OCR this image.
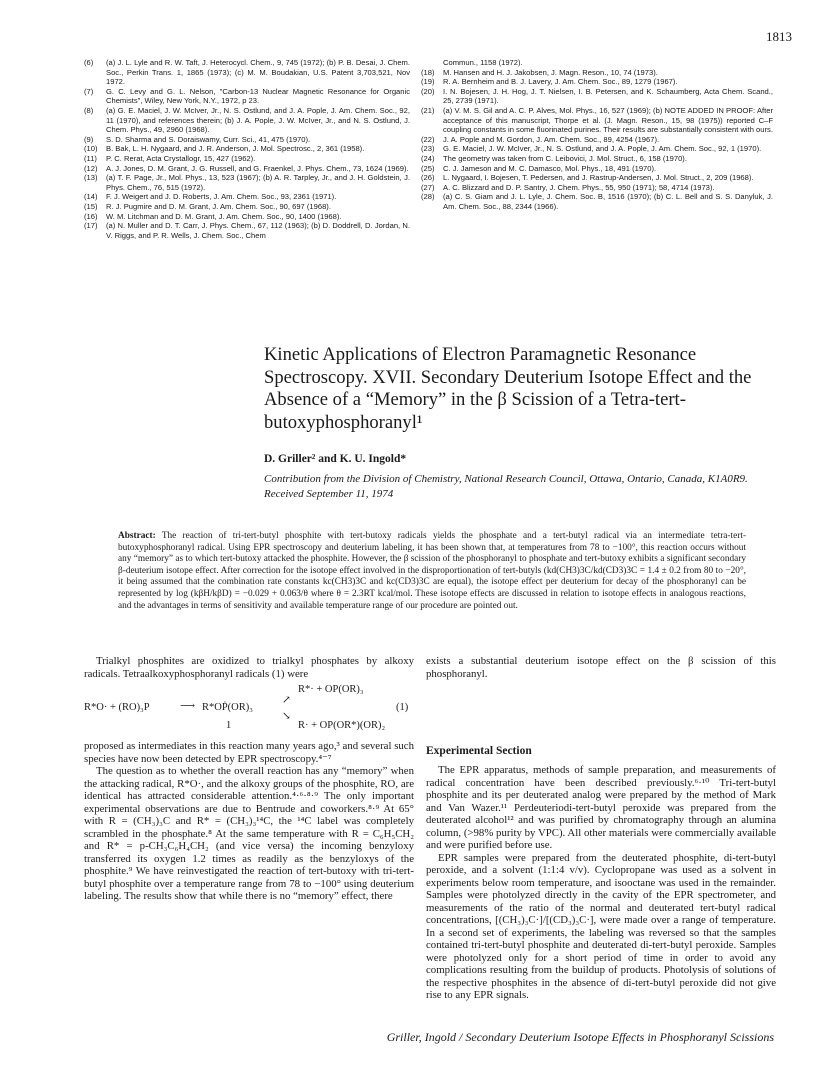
1813
(6)	(a) J. L. Lyle and R. W. Taft, J. Heterocycl. Chem., 9, 745 (1972); (b) P. B. Desai, J. Chem. Soc., Perkin Trans. 1, 1865 (1973); (c) M. M. Boudakian, U.S. Patent 3,703,521, Nov 1972.
(7)	G. C. Levy and G. L. Nelson, "Carbon-13 Nuclear Magnetic Resonance for Organic Chemists", Wiley, New York, N.Y., 1972, p 23.
(8)	(a) G. E. Maciel, J. W. McIver, Jr., N. S. Ostlund, and J. A. Pople, J. Am. Chem. Soc., 92, 11 (1970), and references therein; (b) J. A. Pople, J. W. McIver, Jr., and N. S. Ostlund, J. Chem. Phys., 49, 2960 (1968).
(9)	S. D. Sharma and S. Doraiswamy, Curr. Sci., 41, 475 (1970).
(10)	B. Bak, L. H. Nygaard, and J. R. Anderson, J. Mol. Spectrosc., 2, 361 (1958).
(11)	P. C. Rerat, Acta Crystallogr, 15, 427 (1962).
(12)	A. J. Jones, D. M. Grant, J. G. Russell, and G. Fraenkel, J. Phys. Chem., 73, 1624 (1969).
(13)	(a) T. F. Page, Jr., Mol. Phys., 13, 523 (1967); (b) A. R. Tarpley, Jr., and J. H. Goldstein, J. Phys. Chem., 76, 515 (1972).
(14)	F. J. Weigert and J. D. Roberts, J. Am. Chem. Soc., 93, 2361 (1971).
(15)	R. J. Pugmire and D. M. Grant, J. Am. Chem. Soc., 90, 697 (1968).
(16)	W. M. Litchman and D. M. Grant, J. Am. Chem. Soc., 90, 1400 (1968).
(17)	(a) N. Muller and D. T. Carr, J. Phys. Chem., 67, 112 (1963); (b) D. Doddrell, D. Jordan, N. V. Riggs, and P. R. Wells, J. Chem. Soc., Chem
Commun., 1158 (1972).
(18)	M. Hansen and H. J. Jakobsen, J. Magn. Reson., 10, 74 (1973).
(19)	R. A. Bernheim and B. J. Lavery, J. Am. Chem. Soc., 89, 1279 (1967).
(20)	I. N. Bojesen, J. H. Hog, J. T. Nielsen, I. B. Petersen, and K. Schaumberg, Acta Chem. Scand., 25, 2739 (1971).
(21)	(a) V. M. S. Gil and A. C. P. Alves, Mol. Phys., 16, 527 (1969); (b) NOTE ADDED IN PROOF: After acceptance of this manuscript, Thorpe et al. (J. Magn. Reson., 15, 98 (1975)) reported C–F coupling constants in some fluorinated purines. Their results are substantially consistent with ours.
(22)	J. A. Pople and M. Gordon, J. Am. Chem. Soc., 89, 4254 (1967).
(23)	G. E. Maciel, J. W. McIver, Jr., N. S. Ostlund, and J. A. Pople, J. Am. Chem. Soc., 92, 1 (1970).
(24)	The geometry was taken from C. Leibovici, J. Mol. Struct., 6, 158 (1970).
(25)	C. J. Jameson and M. C. Damasco, Mol. Phys., 18, 491 (1970).
(26)	L. Nygaard, I. Bojesen, T. Pedersen, and J. Rastrup-Andersen, J. Mol. Struct., 2, 209 (1968).
(27)	A. C. Blizzard and D. P. Santry, J. Chem. Phys., 55, 950 (1971); 58, 4714 (1973).
(28)	(a) C. S. Giam and J. L. Lyle, J. Chem. Soc. B, 1516 (1970); (b) C. L. Bell and S. S. Danyluk, J. Am. Chem. Soc., 88, 2344 (1966).
Kinetic Applications of Electron Paramagnetic Resonance Spectroscopy. XVII. Secondary Deuterium Isotope Effect and the Absence of a “Memory” in the β Scission of a Tetra-tert-butoxyphosphoranyl¹
D. Griller² and K. U. Ingold*
Contribution from the Division of Chemistry, National Research Council, Ottawa, Ontario, Canada, K1A0R9. Received September 11, 1974
Abstract: The reaction of tri-tert-butyl phosphite with tert-butoxy radicals yields the phosphate and a tert-butyl radical via an intermediate tetra-tert-butoxyphosphoranyl radical. Using EPR spectroscopy and deuterium labeling, it has been shown that, at temperatures from 78 to −100°, this reaction occurs without any “memory” as to which tert-butoxy attacked the phosphite. However, the β scission of the phosphoranyl to phosphate and tert-butoxy exhibits a significant secondary β-deuterium isotope effect. After correction for the isotope effect involved in the disproportionation of tert-butyls (kd(CH3)3C/kd(CD3)3C = 1.4 ± 0.2 from 80 to −20°, it being assumed that the combination rate constants kc(CH3)3C and kc(CD3)3C are equal), the isotope effect per deuterium for decay of the phosphoranyl can be represented by log (kβH/kβD) = −0.029 + 0.063/θ where θ = 2.3RT kcal/mol. These isotope effects are discussed in relation to isotope effects in analogous reactions, and the advantages in terms of sensitivity and available temperature range of our procedure are pointed out.

Trialkyl phosphites are oxidized to trialkyl phosphates by alkoxy radicals. Tetraalkoxyphosphoranyl radicals (1) were

R*O· + (RO)₃P	⟶ R*OṖ(OR)₃
1
↗
↘
R*· + OP(OR)₃
R· + OP(OR*)(OR)₂
(1)

proposed as intermediates in this reaction many years ago,³ and several such species have now been detected by EPR spectroscopy.⁴⁻⁷

The question as to whether the overall reaction has any “memory” when the attacking radical, R*O·, and the alkoxy groups of the phosphite, RO, are identical has attracted considerable attention.⁴·⁶·⁸·⁹ The only important experimental observations are due to Bentrude and coworkers.⁸·⁹ At 65° with R = (CH₃)₃C and R* = (CH₃)₃¹⁴C, the ¹⁴C label was completely scrambled in the phosphate.⁸ At the same temperature with R = C₆H₅CH₂ and R* = p-CH₃C₆H₄CH₂ (and vice versa) the incoming benzyloxy transferred its oxygen 1.2 times as readily as the benzyloxys of the phosphite.⁹ We have reinvestigated the reaction of tert-butoxy with tri-tert-butyl phosphite over a temperature range from 78 to −100° using deuterium labeling. The results show that while there is no “memory” effect, there

exists a substantial deuterium isotope effect on the β scission of this phosphoranyl.

Experimental Section

The EPR apparatus, methods of sample preparation, and measurements of radical concentration have been described previously.⁶·¹⁰ Tri-tert-butyl phosphite and its per deuterated analog were prepared by the method of Mark and Van Wazer.¹¹ Perdeuteriodi-tert-butyl peroxide was prepared from the deuterated alcohol¹² and was purified by chromatography through an alumina column, (>98% purity by VPC). All other materials were commercially available and were purified before use.

EPR samples were prepared from the deuterated phosphite, di-tert-butyl peroxide, and a solvent (1:1:4 v/v). Cyclopropane was used as a solvent in experiments below room temperature, and isooctane was used in the remainder. Samples were photolyzed directly in the cavity of the EPR spectrometer, and measurements of the ratio of the normal and deuterated tert-butyl radical concentrations, [(CH₃)₃C·]/[(CD₃)₃C·], were made over a range of temperature. In a second set of experiments, the labeling was reversed so that the samples contained tri-tert-butyl phosphite and deuterated di-tert-butyl peroxide. Samples were photolyzed only for a short period of time in order to avoid any complications resulting from the buildup of products. Photolysis of solutions of the respective phosphites in the absence of di-tert-butyl peroxide did not give rise to any EPR signals.

Griller, Ingold / Secondary Deuterium Isotope Effects in Phosphoranyl Scissions
